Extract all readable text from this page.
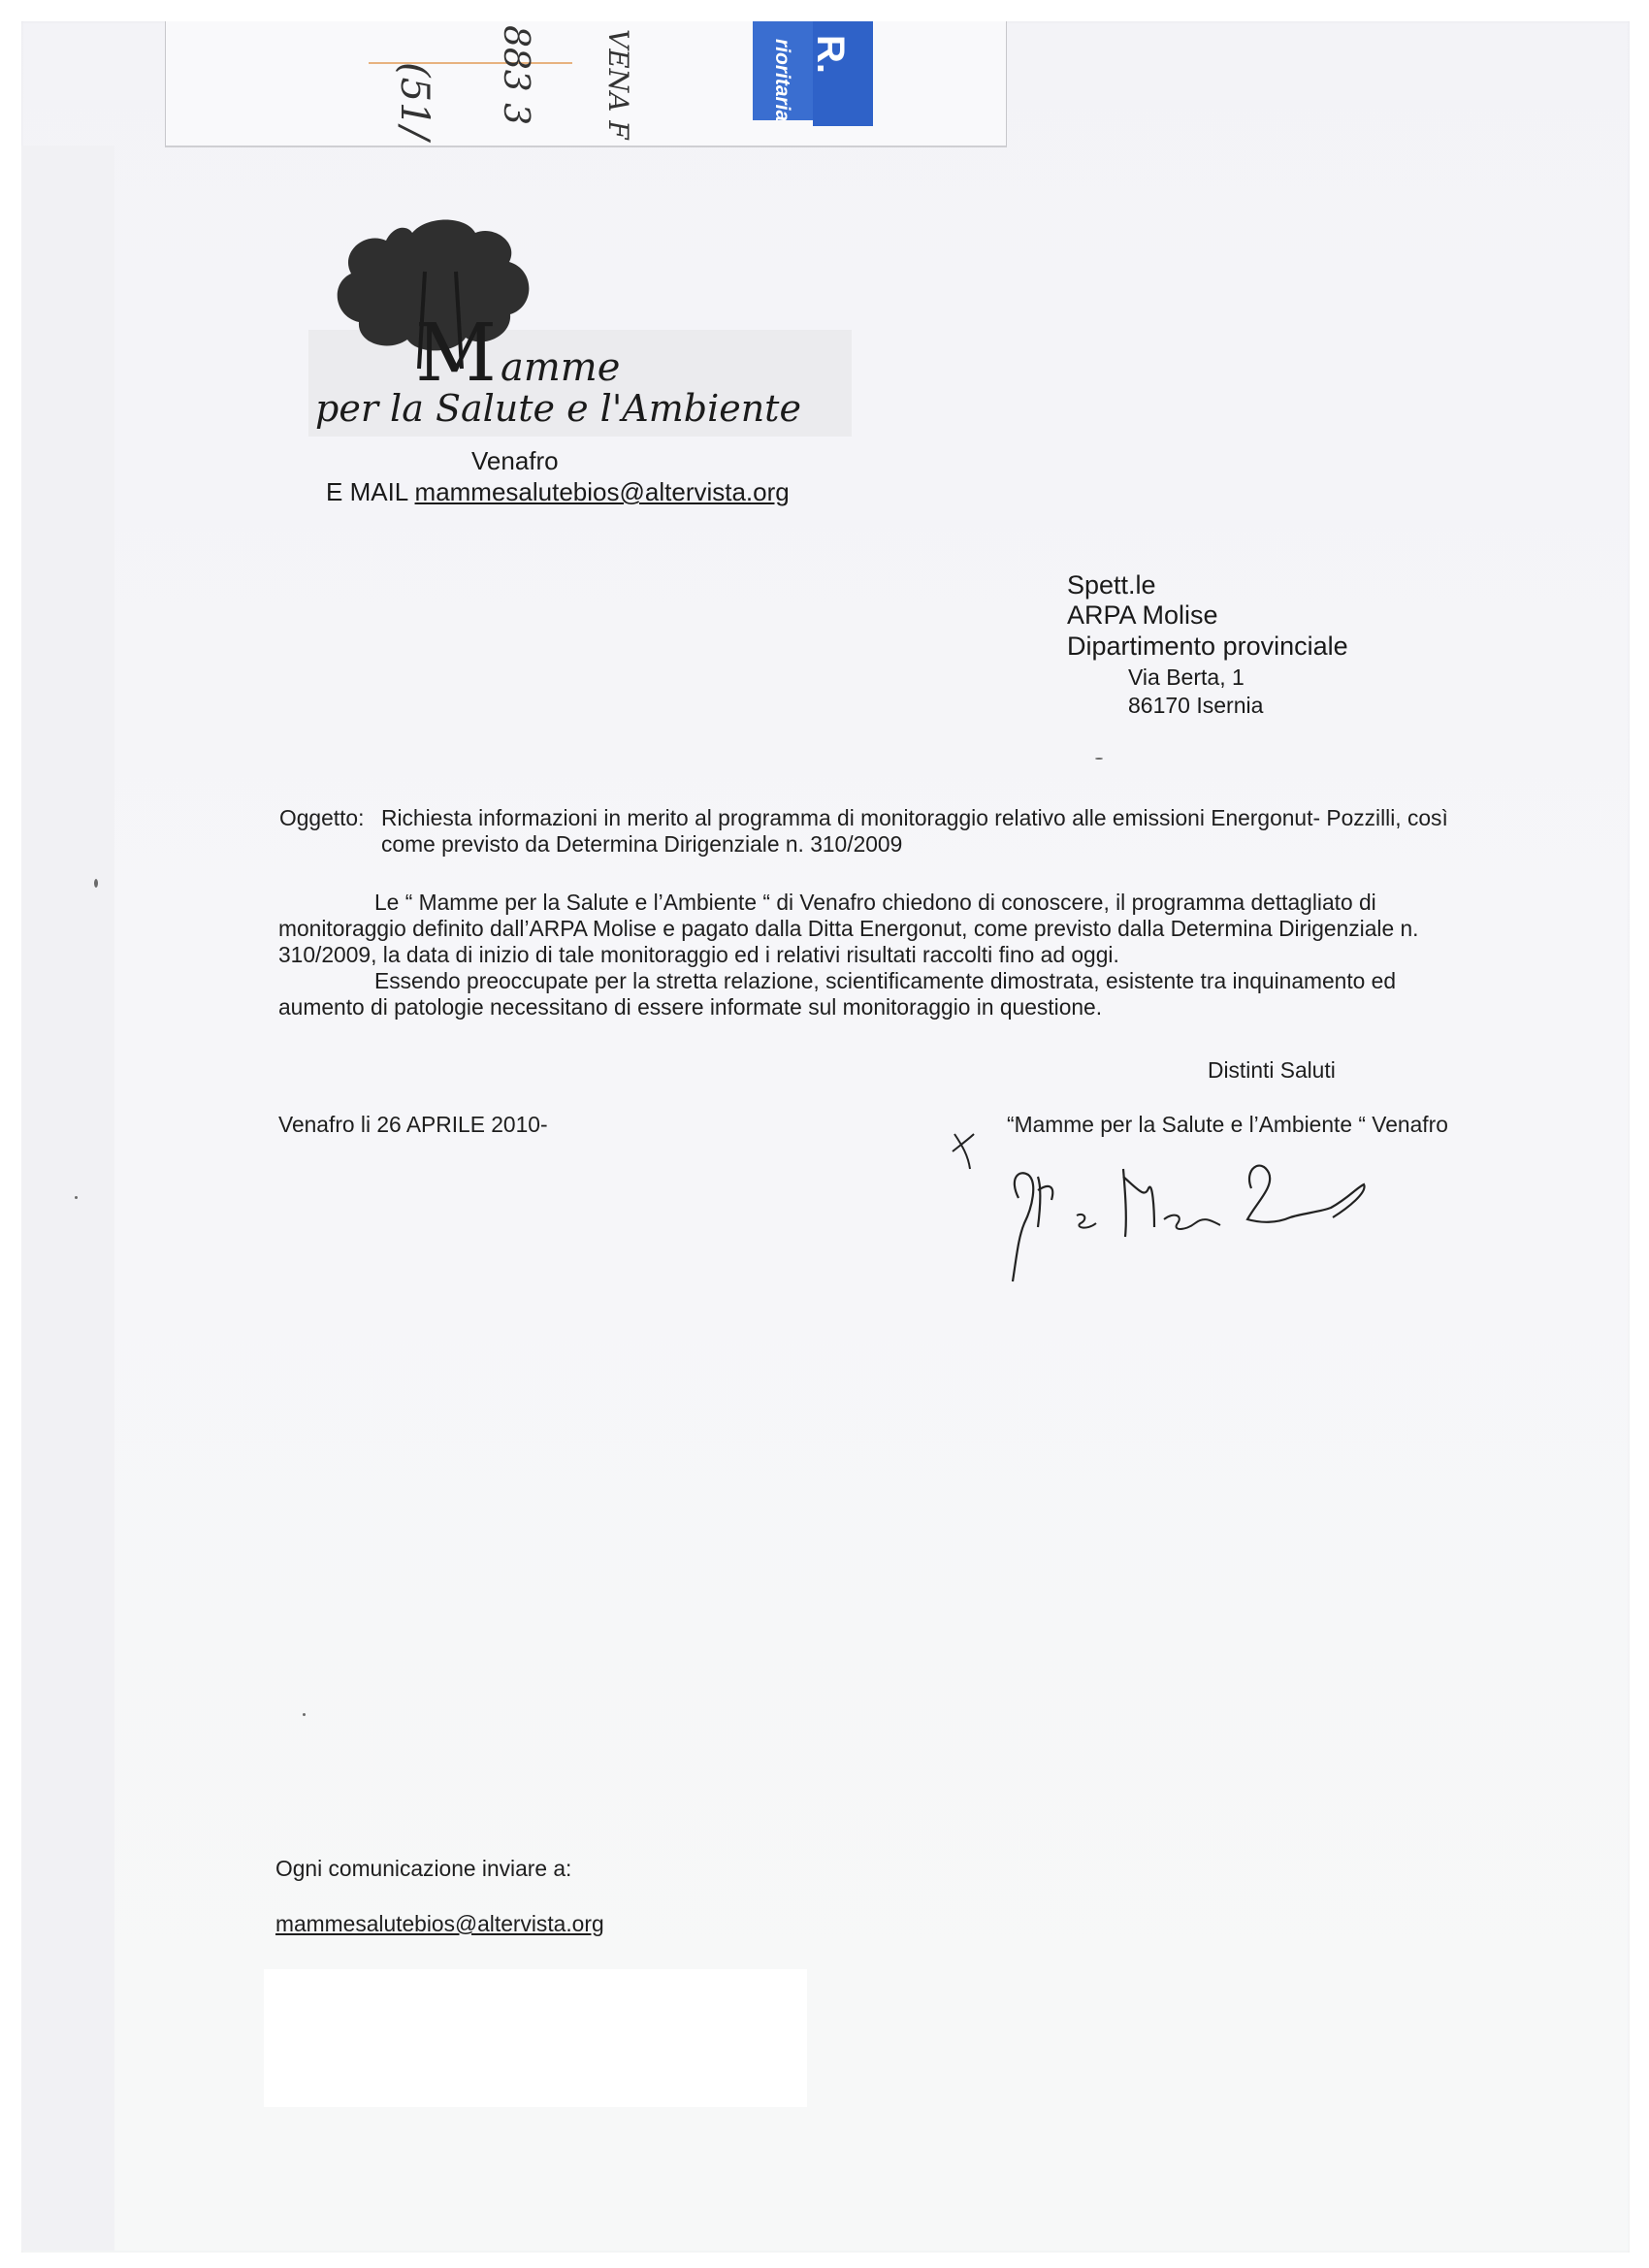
(51/ 883 3 VENA F	R.
rioritaria
M amme
per la Salute e l'Ambiente
Venafro
E MAIL mammesalutebios@altervista.org
Spett.le
ARPA Molise
Dipartimento provinciale
Via Berta, 1
86170 Isernia
Oggetto: Richiesta informazioni in merito al programma di monitoraggio relativo alle emissioni Energonut- Pozzilli, così
come previsto da Determina Dirigenziale n. 310/2009
Le “ Mamme per la Salute e l’Ambiente “ di Venafro chiedono di conoscere, il programma dettagliato di
monitoraggio definito dall’ARPA Molise e pagato dalla Ditta Energonut, come previsto dalla Determina Dirigenziale n.
310/2009, la data di inizio di tale monitoraggio ed i relativi risultati raccolti fino ad oggi.
Essendo preoccupate per la stretta relazione, scientificamente dimostrata, esistente tra inquinamento ed
aumento di patologie necessitano di essere informate sul monitoraggio in questione.
Distinti Saluti
Venafro li 26 APRILE 2010-	“Mamme per la Salute e l’Ambiente “ Venafro
Ogni comunicazione inviare a:
mammesalutebios@altervista.org
